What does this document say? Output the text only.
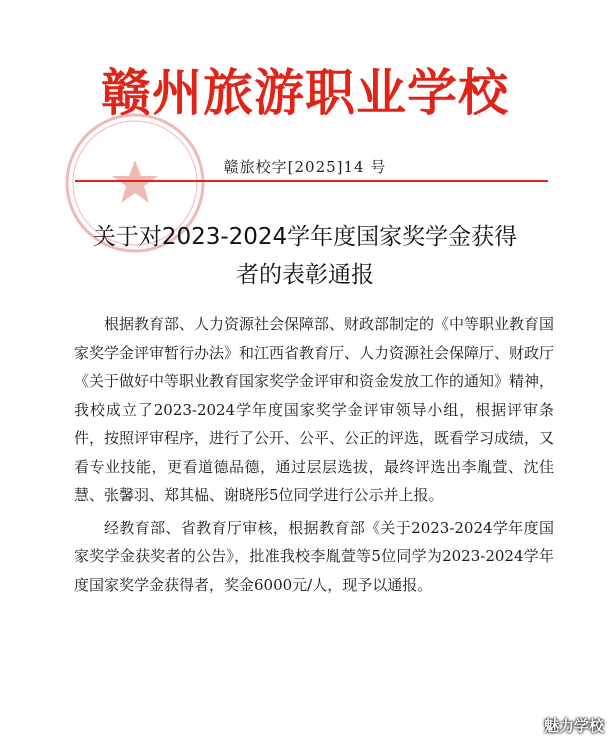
赣州旅游职业学校
赣旅校字[2025]14 号
关于对2023-2024学年度国家奖学金获得
者的表彰通报

根据教育部、人力资源社会保障部、财政部制定的《中等职业教育国家奖学金评审暂行办法》和江西省教育厅、人力资源社会保障厅、财政厅《关于做好中等职业教育国家奖学金评审和资金发放工作的通知》精神，我校成立了2023-2024学年度国家奖学金评审领导小组，根据评审条件，按照评审程序，进行了公开、公平、公正的评选，既看学习成绩，又看专业技能，更看道德品德，通过层层选拔，最终评选出李胤萱、沈佳慧、张馨羽、郑其榀、谢晓彤5位同学进行公示并上报。

经教育部、省教育厅审核，根据教育部《关于2023-2024学年度国家奖学金获奖者的公告》，批准我校李胤萱等5位同学为2023-2024学年度国家奖学金获得者，奖金6000元/人，现予以通报。

魅力学校
